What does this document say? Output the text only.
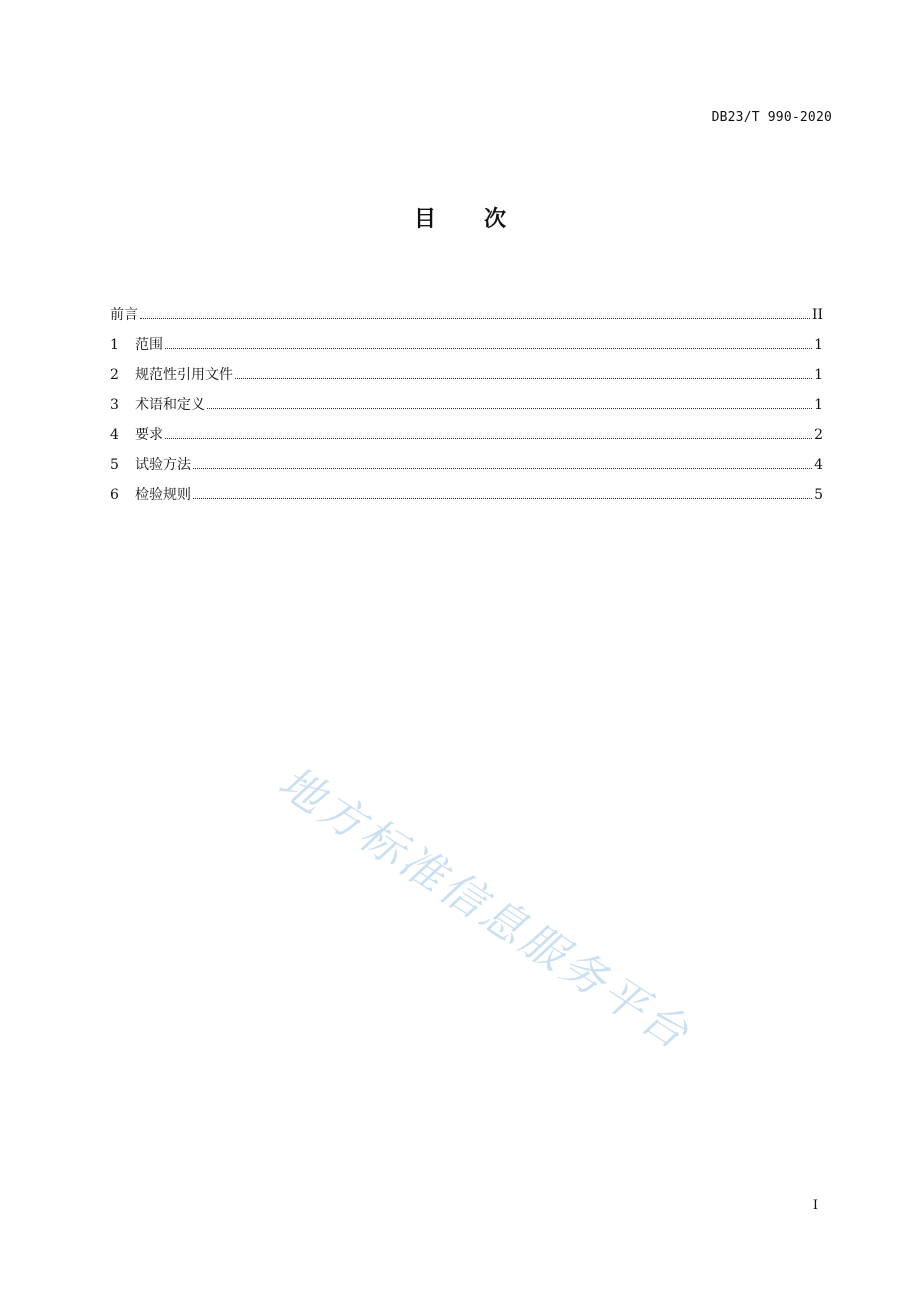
DB23/T 990-2020
目 次
前言	II
1	范围	1
2	规范性引用文件	1
3	术语和定义	1
4	要求	2
5	试验方法	4
6	检验规则	5
地方标准信息服务平台
I
